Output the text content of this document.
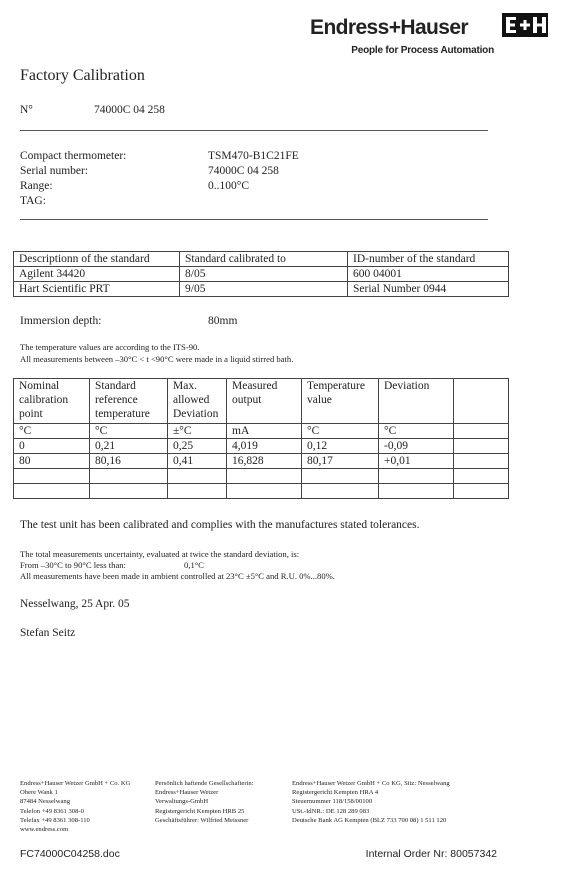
Endress+Hauser
People for Process Automation
Factory Calibration
N°	74000C 04 258
Compact thermometer:	TSM470-B1C21FE
Serial number:	74000C 04 258
Range:	0..100°C
TAG:
Descriptionn of the standard	Standard calibrated to	ID-number of the standard
Agilent 34420	8/05	600 04001
Hart Scientific PRT	9/05	Serial Number 0944
Immersion depth:	80mm
The temperature values are according to the ITS-90.
All measurements between –30°C < t <90°C were made in a liquid stirred bath.
Nominal
calibration
point	Standard
reference
temperature	Max.
allowed
Deviation	Measured
output	Temperature
value	Deviation	
°C	°C	±°C	mA	°C	°C	
0	0,21	0,25	4,019	0,12	-0,09	
80	80,16	0,41	16,828	80,17	+0,01	

The test unit has been calibrated and complies with the manufactures stated tolerances.
The total measurements uncertainty, evaluated at twice the standard deviation, is:
From –30°C to 90°C less than:	0,1°C
All measurements have been made in ambient controlled at 23°C ±5°C and R.U. 0%...80%.
Nesselwang, 25 Apr. 05
Stefan Seitz
Endress+Hauser Wetzer GmbH + Co. KG
Obere Wank 1
87484 Nesselwang
Telefon +49 8361 308-0
Telefax +49 8361 308-110
www.endress.com
Persönlich haftende Gesellschafterin:
Endress+Hauser Wetzer
Verwaltungs-GmbH
Registergericht Kempten HRB 25
Geschäftsführer: Wilfried Meissner
Endress+Hauser Wetzer GmbH + Co KG, Sitz: Nesselwang
Registergericht Kempten HRA 4
Steuernummer 118/158/00100
USt.-IdNR.: DE 128 289 083
Deutsche Bank AG Kempten (BLZ 733 700 08) 1 511 120
FC74000C04258.doc	Internal Order Nr: 80057342
